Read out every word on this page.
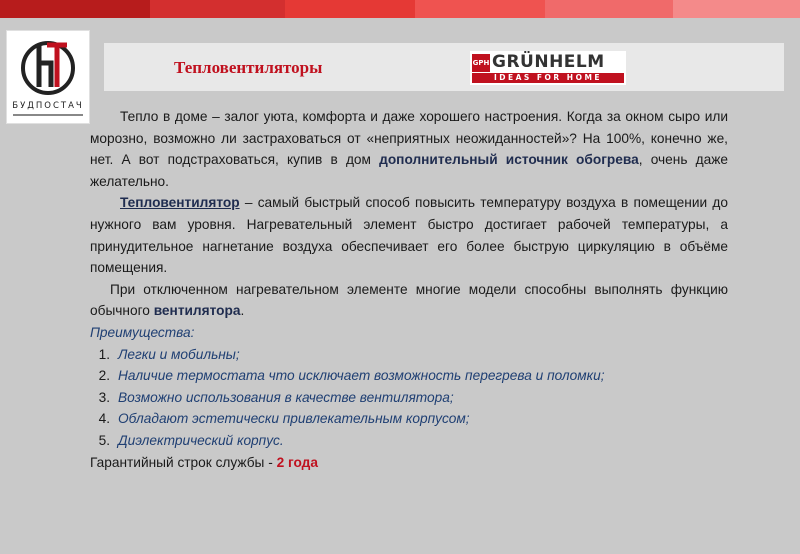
БУДПОСТАЧ
Тепловентиляторы	GPH GRÜNHELM
IDEAS FOR HOME

Тепло в доме – залог уюта, комфорта и даже хорошего настроения. Когда за окном сыро или морозно, возможно ли застраховаться от «неприятных неожиданностей»? На 100%, конечно же, нет. А вот подстраховаться, купив в дом дополнительный источник обогрева, очень даже желательно.

Тепловентилятор – самый быстрый способ повысить температуру воздуха в помещении до нужного вам уровня. Нагревательный элемент быстро достигает рабочей температуры, а принудительное нагнетание воздуха обеспечивает его более быструю циркуляцию в объёме помещения.

При отключенном нагревательном элементе многие модели способны выполнять функцию обычного вентилятора.

Преимущества:

1. Легки и мобильны;
2. Наличие термостата что исключает возможность перегрева и поломки;
3. Возможно использования в качестве вентилятора;
4. Обладают эстетически привлекательным корпусом;
5. Диэлектрический корпус.

Гарантийный строк службы - 2 года
